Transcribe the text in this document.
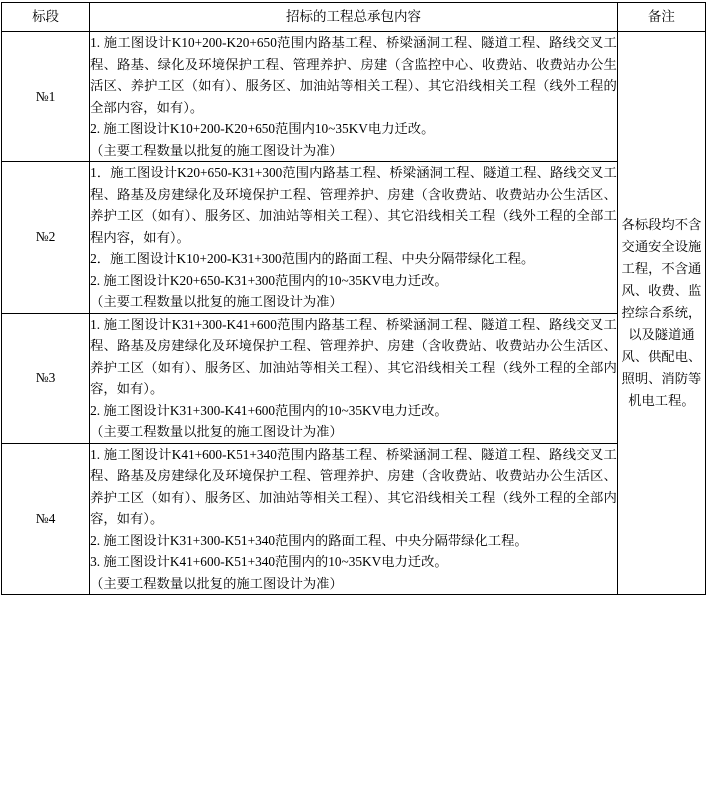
标段	招标的工程总承包内容	备注
№1	1. 施工图设计K10+200-K20+650范围内路基工程、桥梁涵洞工程、隧道工程、路线交叉工程、路基、绿化及环境保护工程、管理养护、房建（含监控中心、收费站、收费站办公生活区、养护工区（如有）、服务区、加油站等相关工程）、其它沿线相关工程（线外工程的全部内容，如有）。

2. 施工图设计K10+200-K20+650范围内10~35KV电力迁改。

（主要工程数量以批复的施工图设计为准）	各标段均不含交通安全设施工程，不含通风、收费、监控综合系统，以及隧道通风、供配电、照明、消防等机电工程。
№2	1．施工图设计K20+650-K31+300范围内路基工程、桥梁涵洞工程、隧道工程、路线交叉工程、路基及房建绿化及环境保护工程、管理养护、房建（含收费站、收费站办公生活区、养护工区（如有）、服务区、加油站等相关工程）、其它沿线相关工程（线外工程的全部工程内容，如有）。

2．施工图设计K10+200-K31+300范围内的路面工程、中央分隔带绿化工程。

2. 施工图设计K20+650-K31+300范围内的10~35KV电力迁改。

（主要工程数量以批复的施工图设计为准）	

№3	1. 施工图设计K31+300-K41+600范围内路基工程、桥梁涵洞工程、隧道工程、路线交叉工程、路基及房建绿化及环境保护工程、管理养护、房建（含收费站、收费站办公生活区、养护工区（如有）、服务区、加油站等相关工程）、其它沿线相关工程（线外工程的全部内容，如有）。

2. 施工图设计K31+300-K41+600范围内的10~35KV电力迁改。

（主要工程数量以批复的施工图设计为准）	

№4	1. 施工图设计K41+600-K51+340范围内路基工程、桥梁涵洞工程、隧道工程、路线交叉工程、路基及房建绿化及环境保护工程、管理养护、房建（含收费站、收费站办公生活区、养护工区（如有）、服务区、加油站等相关工程）、其它沿线相关工程（线外工程的全部内容，如有）。

2. 施工图设计K31+300-K51+340范围内的路面工程、中央分隔带绿化工程。

3. 施工图设计K41+600-K51+340范围内的10~35KV电力迁改。

（主要工程数量以批复的施工图设计为准）	
